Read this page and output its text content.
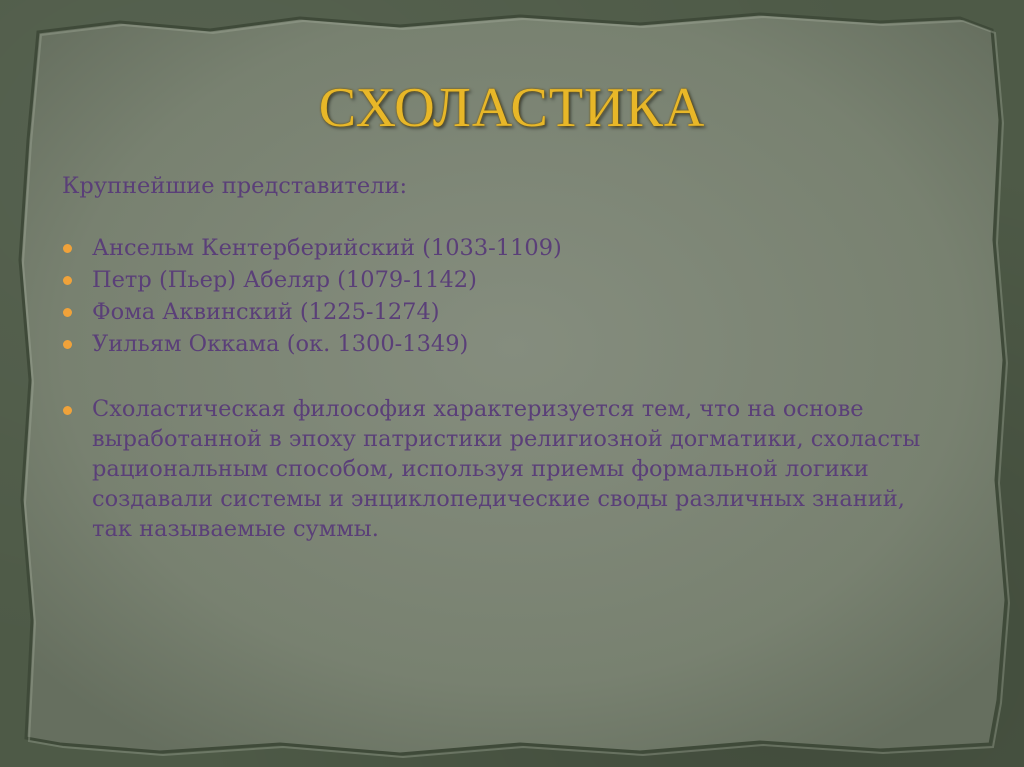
СХОЛАСТИКА

Крупнейшие представители:

Ансельм Кентерберийский (1033-1109)
Петр (Пьер) Абеляр (1079-1142)
Фома Аквинский (1225-1274)
Уильям Оккама (ок. 1300-1349)
Схоластическая философия характеризуется тем, что на основе выработанной в эпоху патристики религиозной догматики, схоласты рациональным способом, используя приемы формальной логики создавали системы и энциклопедические своды различных знаний, так называемые суммы.
